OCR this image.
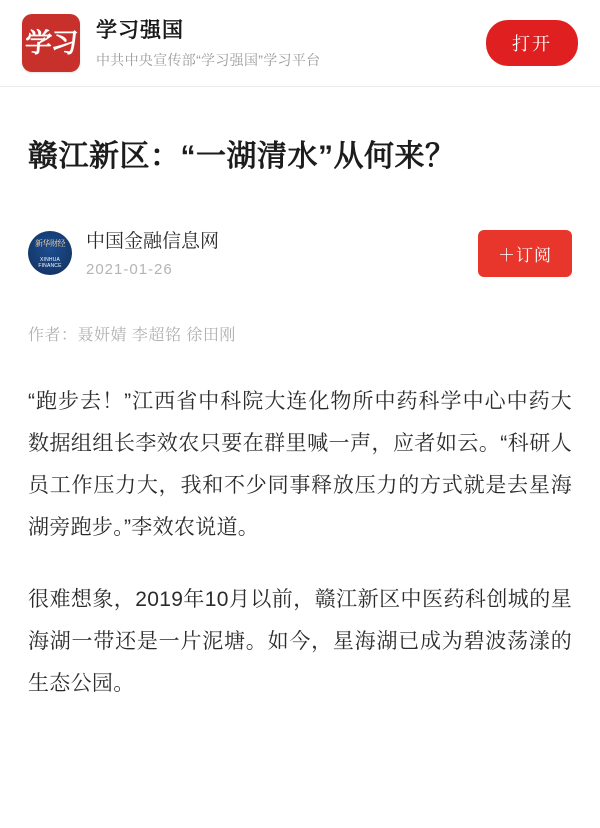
学习 学习强国
中共中央宣传部“学习强国”学习平台
打开
赣江新区：“一湖清水”从何来？
新华财经
XINHUA FINANCE
中国金融信息网
2021-01-26
＋订阅
作者：聂妍婧 李超铭 徐田刚

“跑步去！”江西省中科院大连化物所中药科学中心中药大数据组组长李效农只要在群里喊一声，应者如云。“科研人员工作压力大，我和不少同事释放压力的方式就是去星海湖旁跑步。”李效农说道。

很难想象，2019年10月以前，赣江新区中医药科创城的星海湖一带还是一片泥塘。如今，星海湖已成为碧波荡漾的生态公园。
